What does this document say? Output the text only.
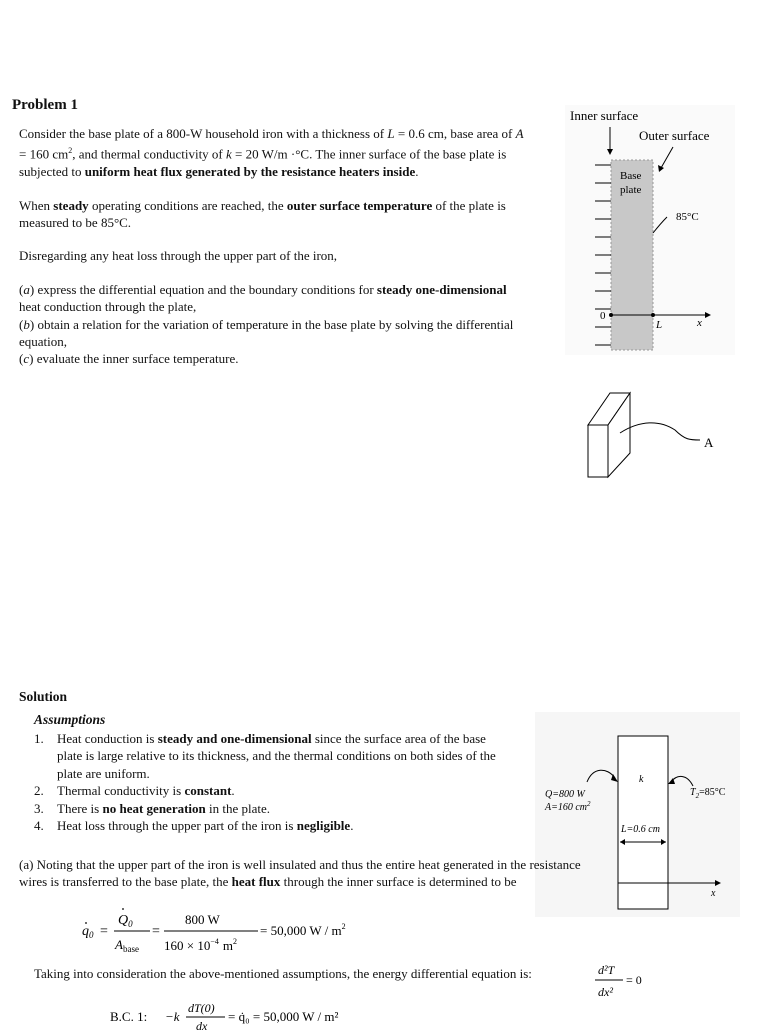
Problem 1

Consider the base plate of a 800-W household iron with a thickness of L = 0.6 cm, base area of A = 160 $cm^2$, and thermal conductivity of k = 20 W/m ·°C. The inner surface of the base plate is subjected to uniform heat flux generated by the resistance heaters inside.

When steady operating conditions are reached, the outer surface temperature of the plate is measured to be 85°C.

Disregarding any heat loss through the upper part of the iron,

(a) express the differential equation and the boundary conditions for steady one-dimensional heat conduction through the plate,
(b) obtain a relation for the variation of temperature in the base plate by solving the differential equation,
(c) evaluate the inner surface temperature.
Inner surface
Outer surface
Base
plate
0
L	x
85°C
A
Solution
Assumptions
1. Heat conduction is steady and one-dimensional since the surface area of the base plate is large relative to its thickness, and the thermal conditions on both sides of the plate are uniform.
2. Thermal conductivity is constant.
3. There is no heat generation in the plate.
4. Heat loss through the upper part of the iron is negligible.
k
Q=800 W
A=160 $cm^2$
$T_2=85^\circ C$
L=0.6 cm
x
(a) Noting that the upper part of the iron is well insulated and thus the entire heat generated in the resistance wires is transferred to the base plate, the heat flux through the inner surface is determined to be
$q_0$ =
$Q_0$
$A_{base}$
=
800 W
$160 \times 10^{-4}$ $m^2$
= 50,000 W / $m^2$
Taking into consideration the above-mentioned assumptions, the energy differential equation is:	d²T
dx²
= 0
B.C. 1: −k
dT(0)
dx
= q̇₀ = 50,000 W / m²
